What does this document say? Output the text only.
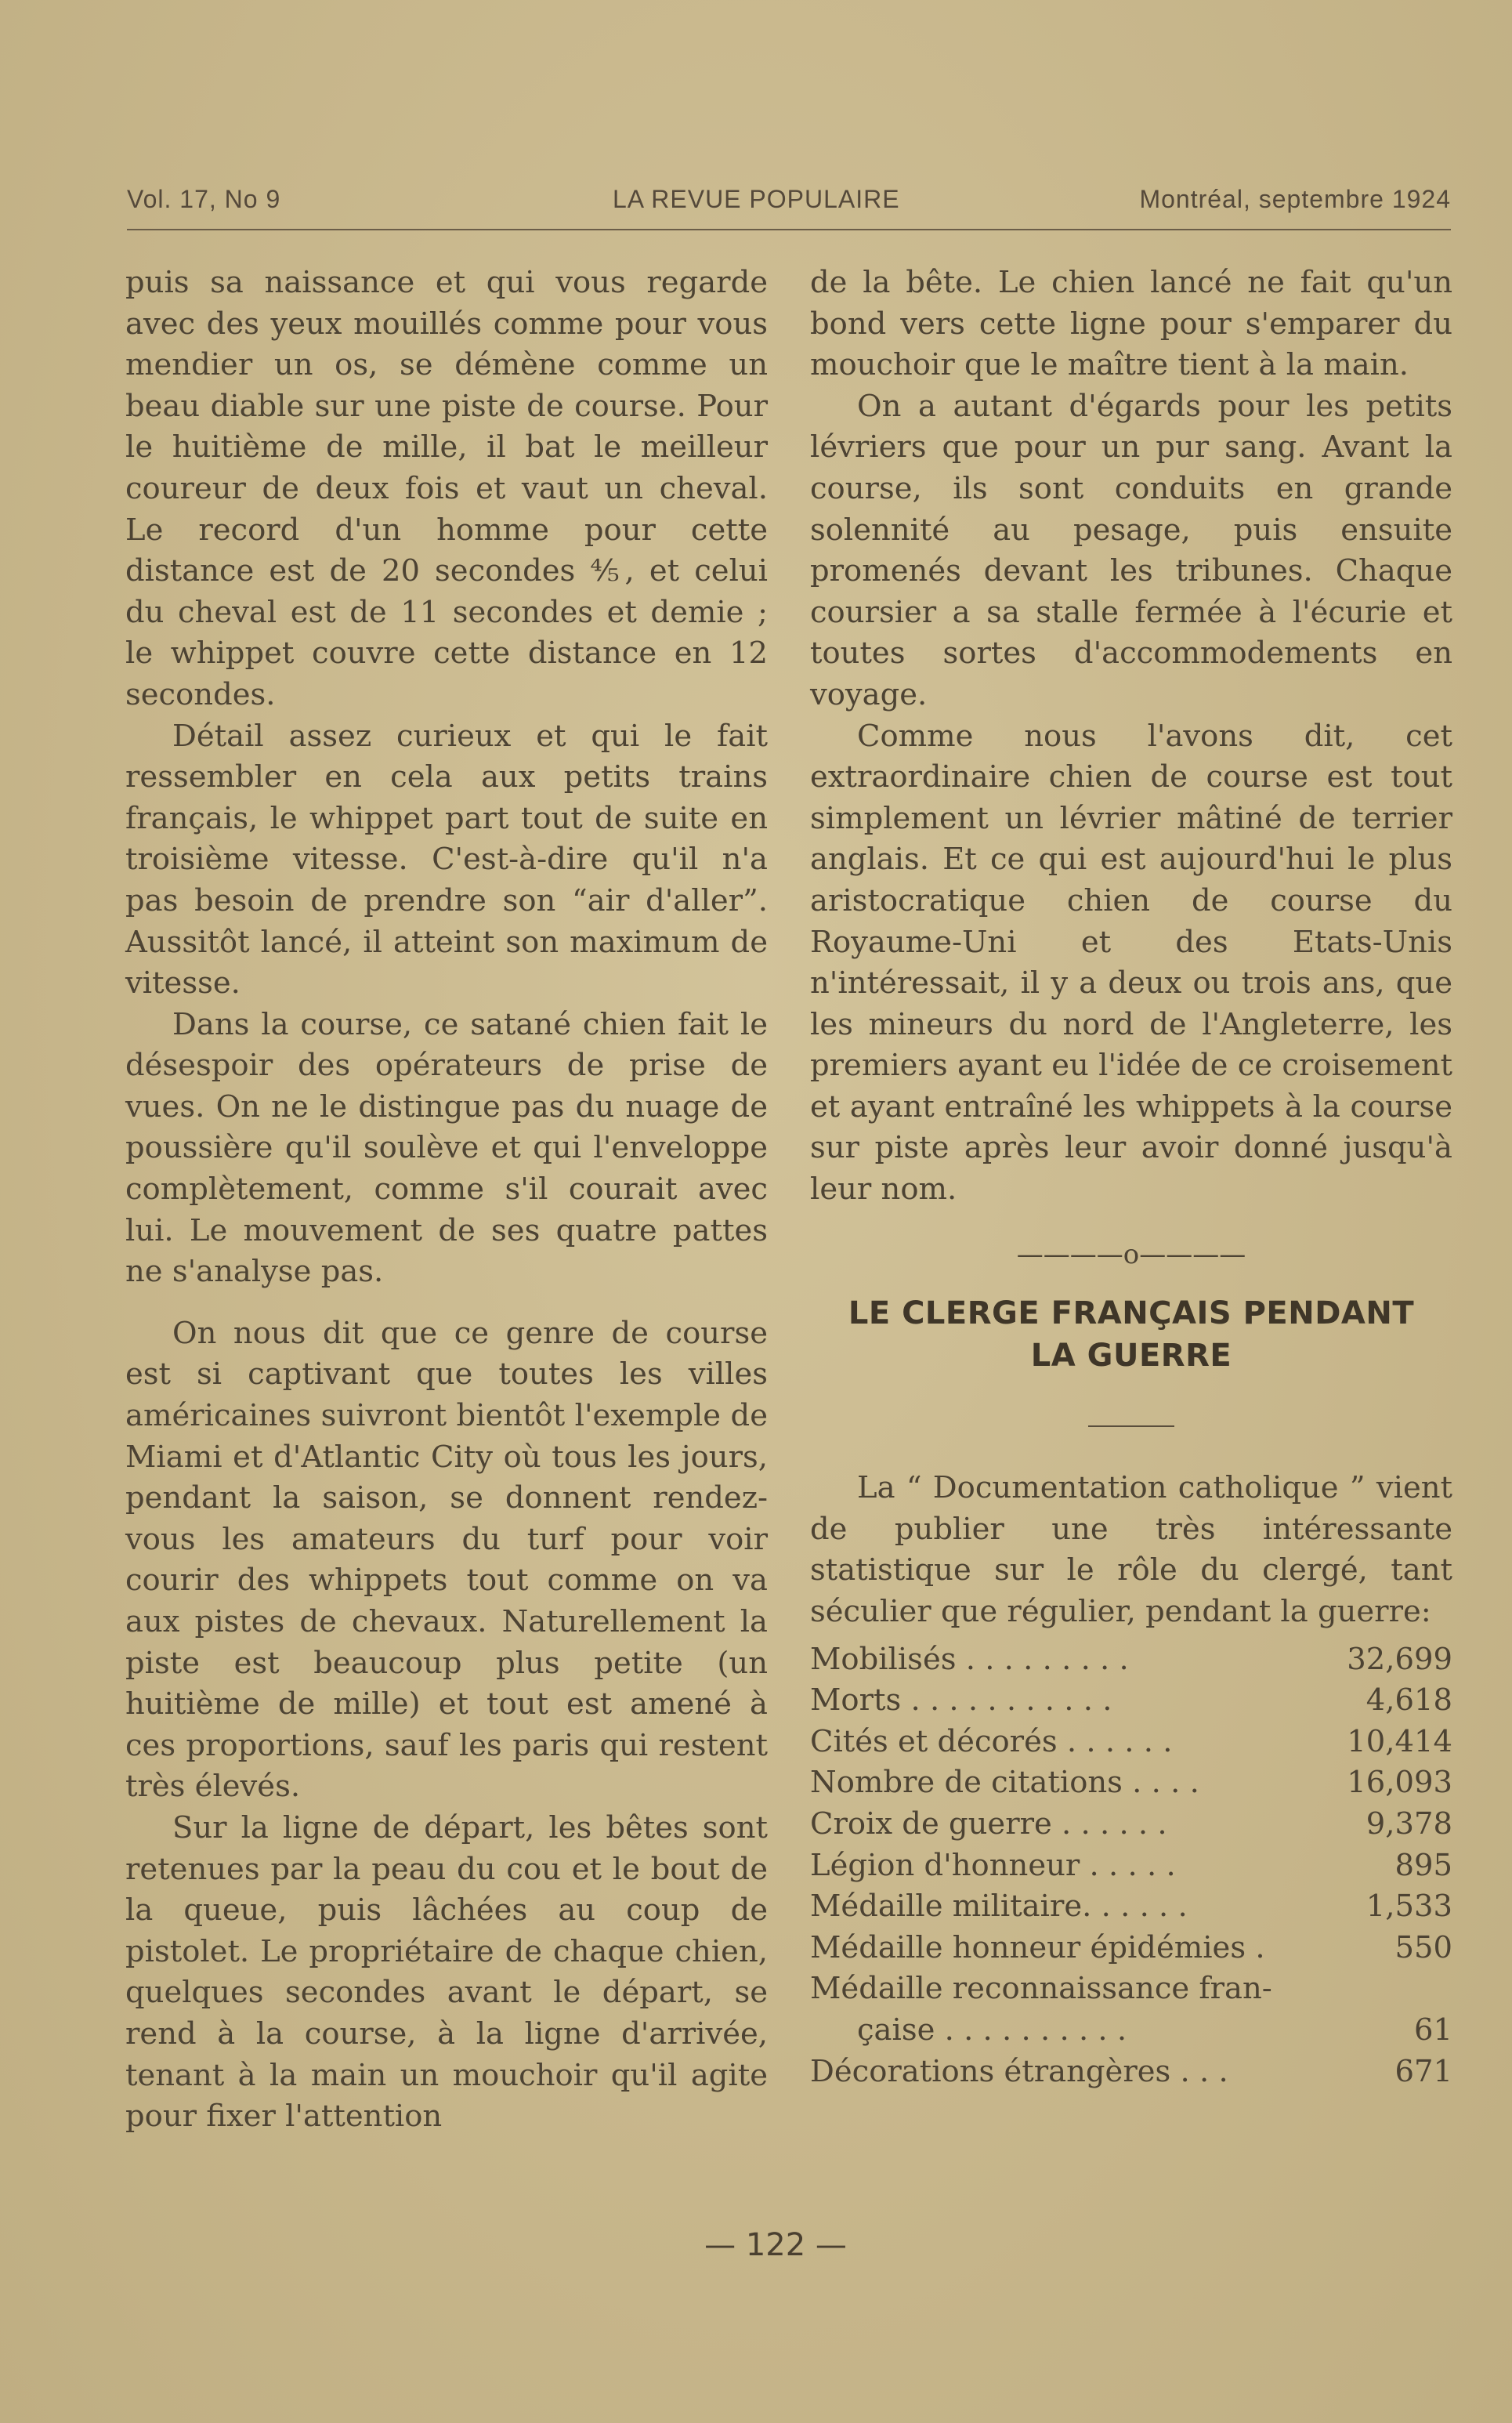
Vol. 17, No 9	LA REVUE POPULAIRE	Montréal, septembre 1924

puis sa naissance et qui vous regarde avec des yeux mouillés comme pour vous mendier un os, se démène comme un beau diable sur une piste de course. Pour le huitième de mille, il bat le meilleur coureur de deux fois et vaut un cheval. Le record d'un homme pour cette distance est de 20 secondes ⅘, et celui du cheval est de 11 secondes et demie ; le whippet couvre cette distance en 12 secondes.

Détail assez curieux et qui le fait ressembler en cela aux petits trains français, le whippet part tout de suite en troisième vitesse. C'est-à-dire qu'il n'a pas besoin de prendre son “air d'aller”. Aussitôt lancé, il atteint son maximum de vitesse.

Dans la course, ce satané chien fait le désespoir des opérateurs de prise de vues. On ne le distingue pas du nuage de poussière qu'il soulève et qui l'enveloppe complètement, comme s'il courait avec lui. Le mouvement de ses quatre pattes ne s'analyse pas.

On nous dit que ce genre de course est si captivant que toutes les villes américaines suivront bientôt l'exemple de Miami et d'Atlantic City où tous les jours, pendant la saison, se donnent rendez-vous les amateurs du turf pour voir courir des whippets tout comme on va aux pistes de chevaux. Naturellement la piste est beaucoup plus petite (un huitième de mille) et tout est amené à ces proportions, sauf les paris qui restent très élevés.

Sur la ligne de départ, les bêtes sont retenues par la peau du cou et le bout de la queue, puis lâchées au coup de pistolet. Le propriétaire de chaque chien, quelques secondes avant le départ, se rend à la course, à la ligne d'arrivée, tenant à la main un mouchoir qu'il agite pour fixer l'attention

de la bête. Le chien lancé ne fait qu'un bond vers cette ligne pour s'emparer du mouchoir que le maître tient à la main.

On a autant d'égards pour les petits lévriers que pour un pur sang. Avant la course, ils sont conduits en grande solennité au pesage, puis ensuite promenés devant les tribunes. Chaque coursier a sa stalle fermée à l'écurie et toutes sortes d'accommodements en voyage.

Comme nous l'avons dit, cet extraordinaire chien de course est tout simplement un lévrier mâtiné de terrier anglais. Et ce qui est aujourd'hui le plus aristocratique chien de course du Royaume-Uni et des Etats-Unis n'intéressait, il y a deux ou trois ans, que les mineurs du nord de l'Angleterre, les premiers ayant eu l'idée de ce croisement et ayant entraîné les whippets à la course sur piste après leur avoir donné jusqu'à leur nom.

————o————
LE CLERGE FRANÇAIS PENDANT
LA GUERRE

La “ Documentation catholique ” vient de publier une très intéressante statistique sur le rôle du clergé, tant séculier que régulier, pendant la guerre:

Mobilisés . . . . . . . . .	32,699
Morts . . . . . . . . . . .	4,618
Cités et décorés . . . . . .	10,414
Nombre de citations . . . .	16,093
Croix de guerre . . . . . .	9,378
Légion d'honneur . . . . .	895
Médaille militaire. . . . . .	1,533
Médaille honneur épidémies .	550
Médaille reconnaissance fran-
çaise . . . . . . . . . .	61
Décorations étrangères . . .	671
— 122 —
